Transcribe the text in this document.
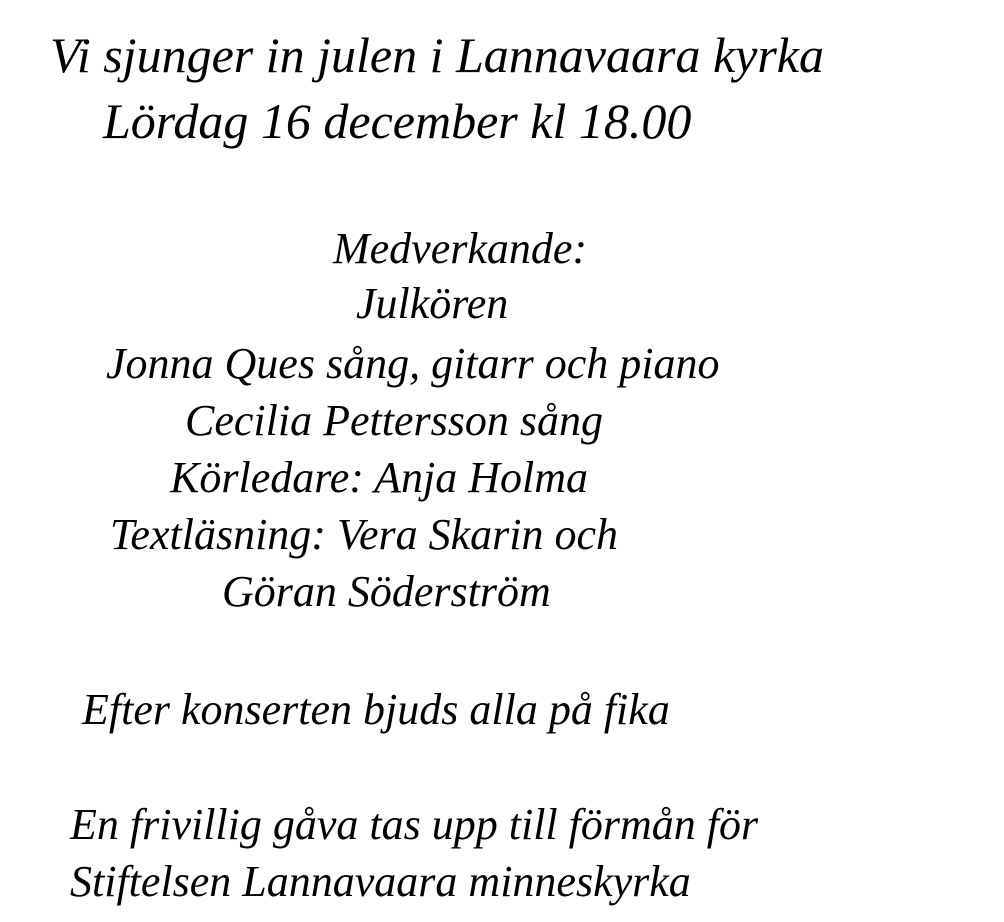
Vi sjunger in julen i Lannavaara kyrka
Lördag 16 december kl 18.00
Medverkande:
Julkören
Jonna Ques sång, gitarr och piano
Cecilia Pettersson sång
Körledare: Anja Holma
Textläsning: Vera Skarin och
Göran Söderström
Efter konserten bjuds alla på fika
En frivillig gåva tas upp till förmån för
Stiftelsen Lannavaara minneskyrka
